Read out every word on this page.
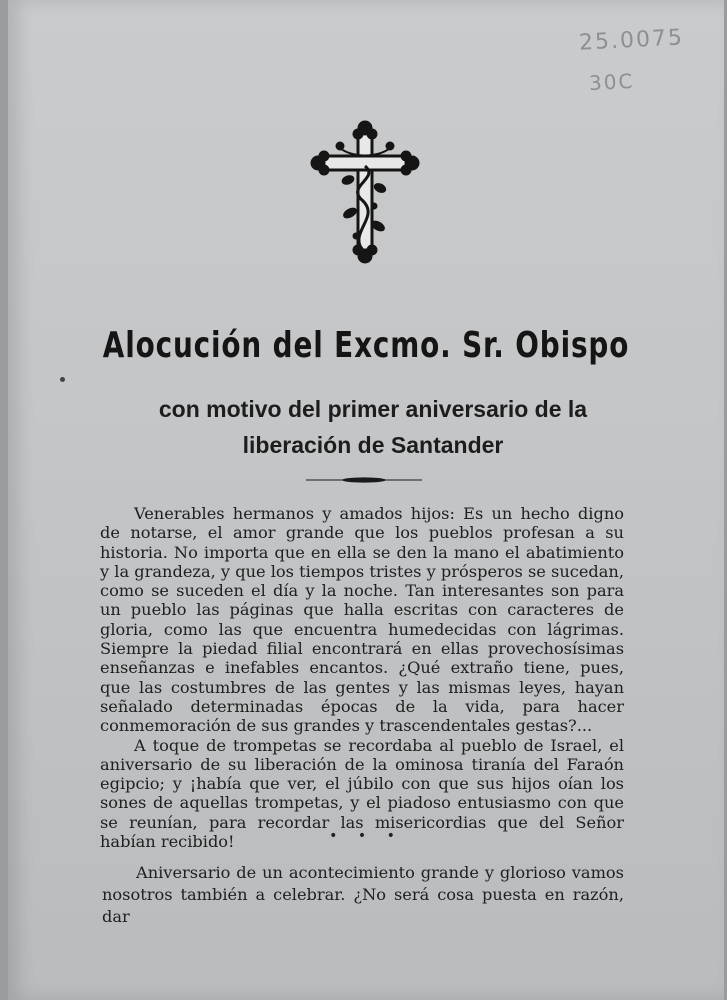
25.0075
30C
Alocución del Excmo. Sr. Obispo
con motivo del primer aniversario de la
liberación de Santander

Venerables hermanos y amados hijos: Es un hecho digno de notarse, el amor grande que los pueblos profesan a su historia. No importa que en ella se den la mano el abatimiento y la grandeza, y que los tiempos tristes y prósperos se sucedan, como se suceden el día y la noche. Tan interesantes son para un pueblo las páginas que halla escritas con caracteres de gloria, como las que encuentra humedecidas con lágrimas. Siempre la piedad filial encontrará en ellas provechosísimas enseñanzas e inefables encantos. ¿Qué extraño tiene, pues, que las costumbres de las gentes y las mismas leyes, hayan señalado determinadas épocas de la vida, para hacer conmemoración de sus grandes y trascendentales gestas?...

A toque de trompetas se recordaba al pueblo de Israel, el aniversario de su liberación de la ominosa tiranía del Faraón egipcio; y ¡había que ver, el júbilo con que sus hijos oían los sones de aquellas trompetas, y el piadoso entusiasmo con que se reunían, para recordar las misericordias que del Señor habían recibido!	• • •

Aniversario de un acontecimiento grande y glorioso vamos nosotros también a celebrar. ¿No será cosa puesta en razón, dar
